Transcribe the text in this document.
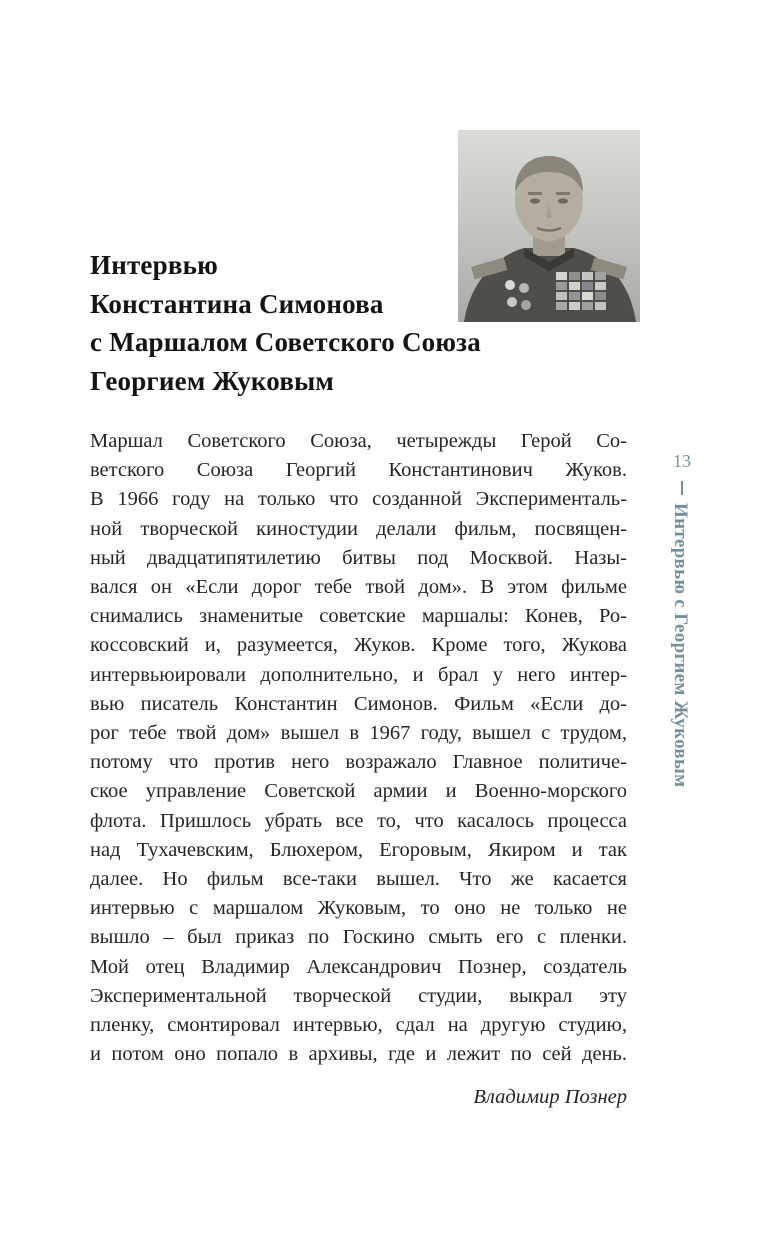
Интервью
Константина Симонова
с Маршалом Советского Союза
Георгием Жуковым
Маршал Советского Союза, четырежды Герой Со-
ветского Союза Георгий Константинович Жуков.
В 1966 году на только что созданной Эксперименталь-
ной творческой киностудии делали фильм, посвящен-
ный двадцатипятилетию битвы под Москвой. Назы-
вался он «Если дорог тебе твой дом». В этом фильме
снимались знаменитые советские маршалы: Конев, Ро-
коссовский и, разумеется, Жуков. Кроме того, Жукова
интервьюировали дополнительно, и брал у него интер-
вью писатель Константин Симонов. Фильм «Если до-
рог тебе твой дом» вышел в 1967 году, вышел с трудом,
потому что против него возражало Главное политиче-
ское управление Советской армии и Военно-морского
флота. Пришлось убрать все то, что касалось процесса
над Тухачевским, Блюхером, Егоровым, Якиром и так
далее. Но фильм все-таки вышел. Что же касается
интервью с маршалом Жуковым, то оно не только не
вышло – был приказ по Госкино смыть его с пленки.
Мой отец Владимир Александрович Познер, создатель
Экспериментальной творческой студии, выкрал эту
пленку, смонтировал интервью, сдал на другую студию,
и потом оно попало в архивы, где и лежит по сей день.
Владимир Познер
13
Интервью с Георгием Жуковым
